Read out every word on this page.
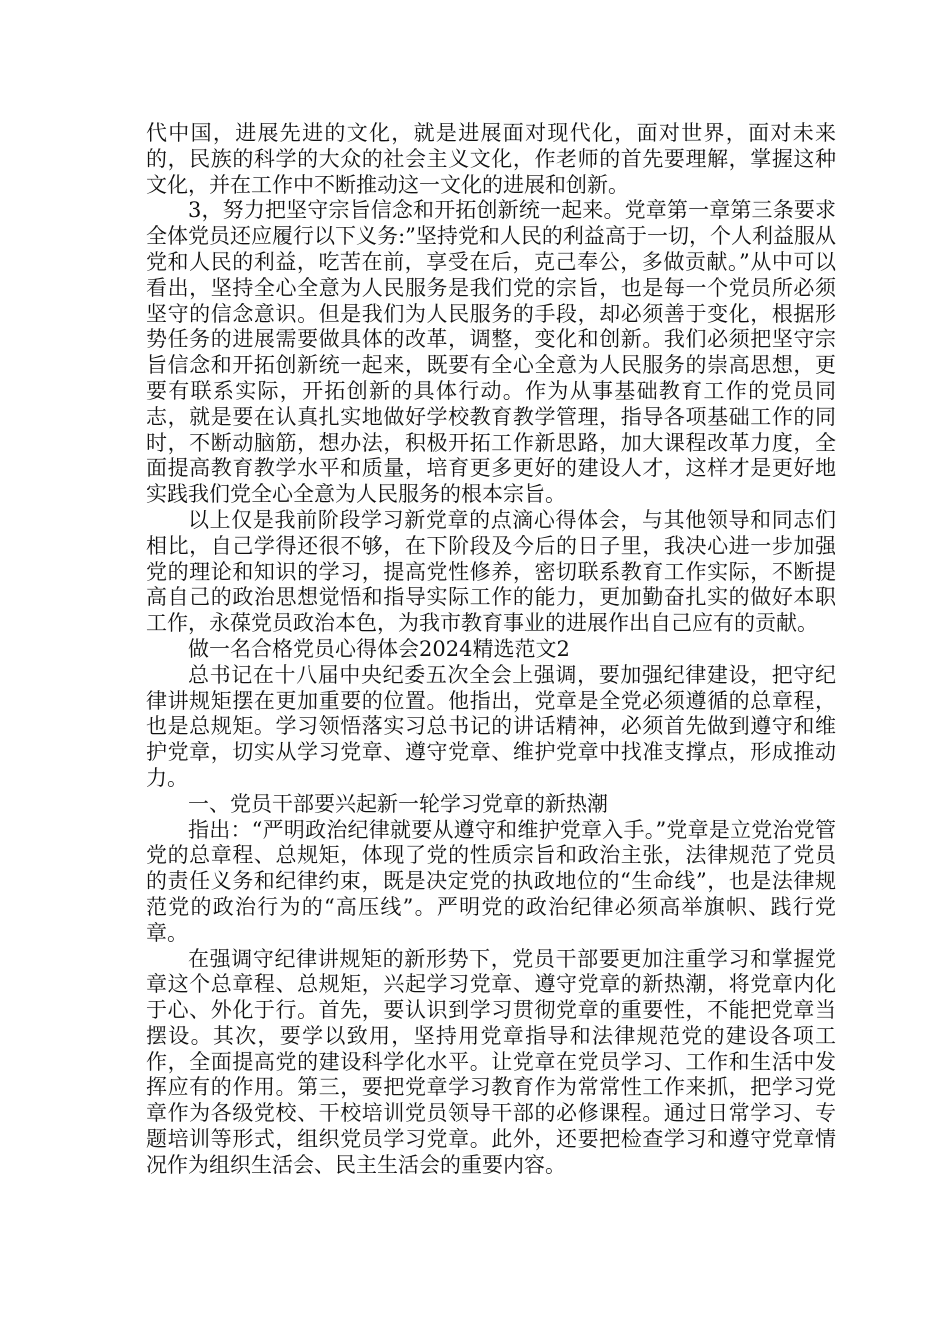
代中国，进展先进的文化，就是进展面对现代化，面对世界，面对未来的，民族的科学的大众的社会主义文化，作老师的首先要理解，掌握这种文化，并在工作中不断推动这一文化的进展和创新。

3，努力把坚守宗旨信念和开拓创新统一起来。党章第一章第三条要求全体党员还应履行以下义务:”坚持党和人民的利益高于一切，个人利益服从党和人民的利益，吃苦在前，享受在后，克己奉公，多做贡献。”从中可以看出，坚持全心全意为人民服务是我们党的宗旨，也是每一个党员所必须坚守的信念意识。但是我们为人民服务的手段，却必须善于变化，根据形势任务的进展需要做具体的改革，调整，变化和创新。我们必须把坚守宗旨信念和开拓创新统一起来，既要有全心全意为人民服务的崇高思想，更要有联系实际，开拓创新的具体行动。作为从事基础教育工作的党员同志，就是要在认真扎实地做好学校教育教学管理，指导各项基础工作的同时，不断动脑筋，想办法，积极开拓工作新思路，加大课程改革力度，全面提高教育教学水平和质量，培育更多更好的建设人才，这样才是更好地实践我们党全心全意为人民服务的根本宗旨。

以上仅是我前阶段学习新党章的点滴心得体会，与其他领导和同志们相比，自己学得还很不够，在下阶段及今后的日子里，我决心进一步加强党的理论和知识的学习，提高党性修养，密切联系教育工作实际，不断提高自己的政治思想觉悟和指导实际工作的能力，更加勤奋扎实的做好本职工作，永葆党员政治本色，为我市教育事业的进展作出自己应有的贡献。

做一名合格党员心得体会2024精选范文2

总书记在十八届中央纪委五次全会上强调，要加强纪律建设，把守纪律讲规矩摆在更加重要的位置。他指出，党章是全党必须遵循的总章程，也是总规矩。学习领悟落实习总书记的讲话精神，必须首先做到遵守和维护党章，切实从学习党章、遵守党章、维护党章中找准支撑点，形成推动力。

一、党员干部要兴起新一轮学习党章的新热潮

指出：“严明政治纪律就要从遵守和维护党章入手。”党章是立党治党管党的总章程、总规矩，体现了党的性质宗旨和政治主张，法律规范了党员的责任义务和纪律约束，既是决定党的执政地位的“生命线”，也是法律规范党的政治行为的“高压线”。严明党的政治纪律必须高举旗帜、践行党章。

在强调守纪律讲规矩的新形势下，党员干部要更加注重学习和掌握党章这个总章程、总规矩，兴起学习党章、遵守党章的新热潮，将党章内化于心、外化于行。首先，要认识到学习贯彻党章的重要性，不能把党章当摆设。其次，要学以致用，坚持用党章指导和法律规范党的建设各项工作，全面提高党的建设科学化水平。让党章在党员学习、工作和生活中发挥应有的作用。第三，要把党章学习教育作为常常性工作来抓，把学习党章作为各级党校、干校培训党员领导干部的必修课程。通过日常学习、专题培训等形式，组织党员学习党章。此外，还要把检查学习和遵守党章情况作为组织生活会、民主生活会的重要内容。
